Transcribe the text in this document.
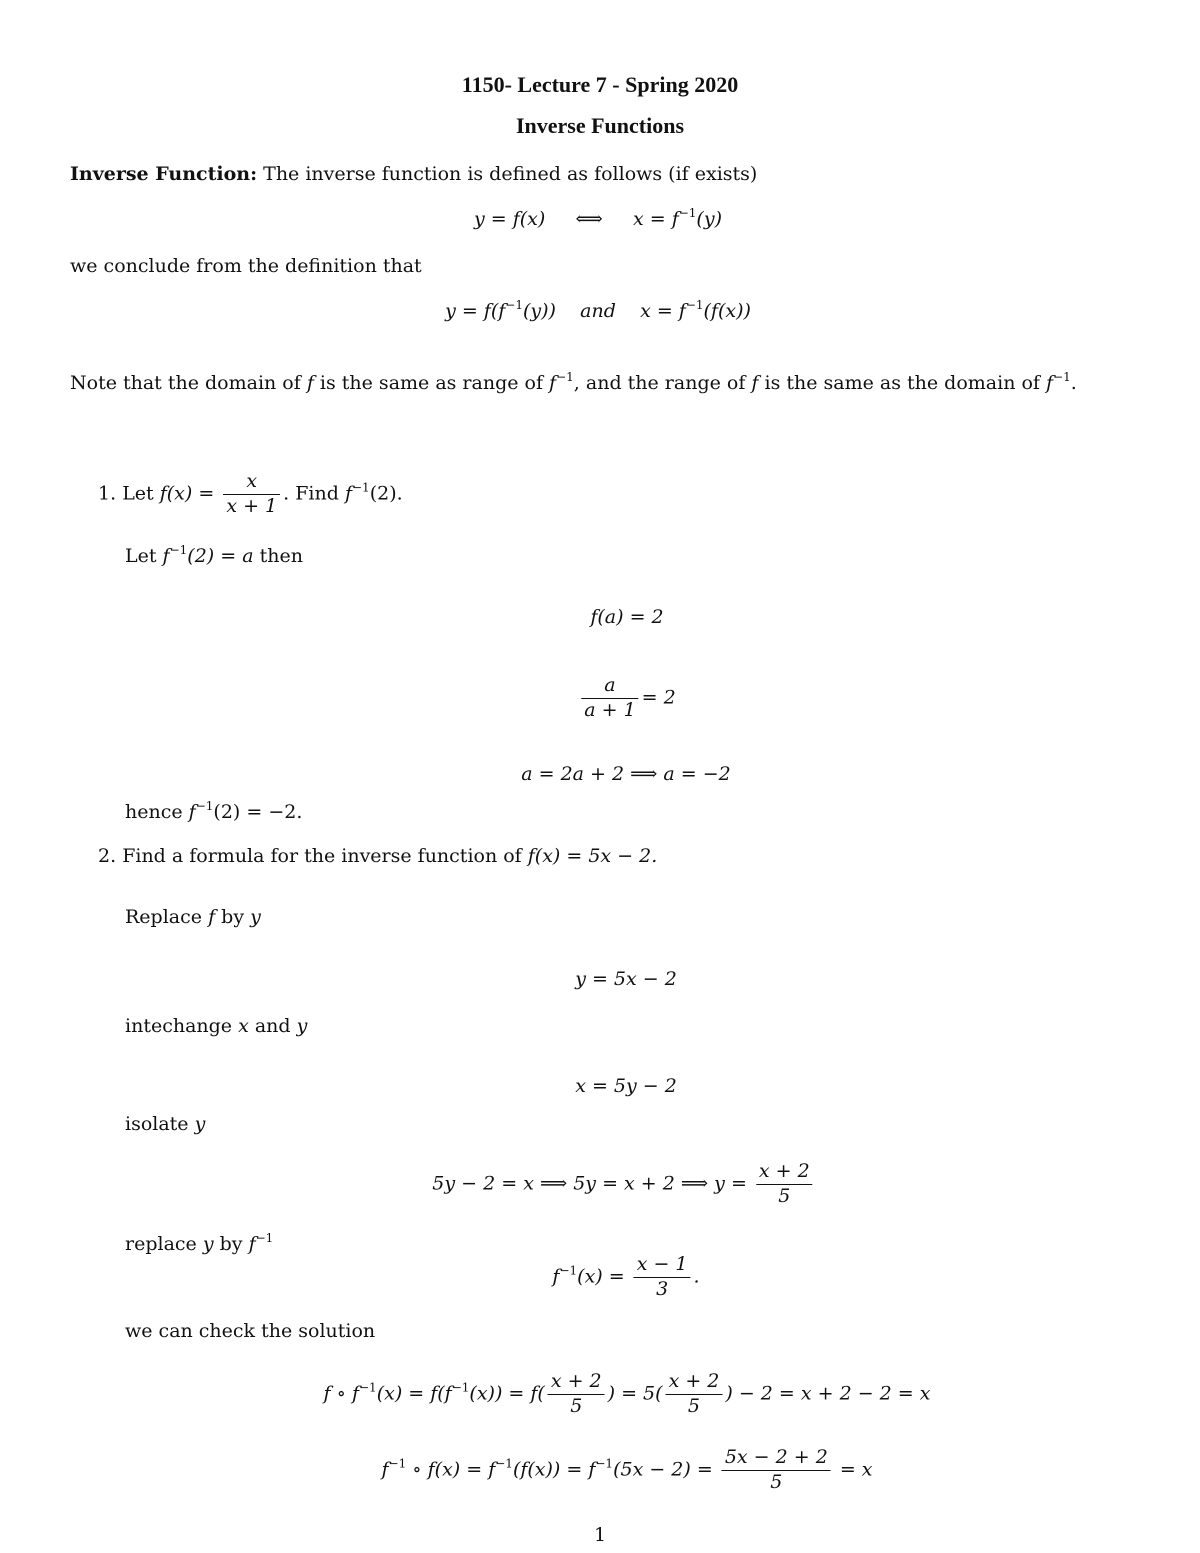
1150- Lecture 7 - Spring 2020
Inverse Functions
Inverse Function: The inverse function is defined as follows (if exists)
y = f(x) ⟺ $x = f^{-1}(y)$
we conclude from the definition that
$y = f(f^{-1}(y))$ and $x = f^{-1}(f(x))$
Note that the domain of f is the same as range of $f^{-1}$, and the range of f is the same as the domain of $f^{-1}$.
1. Let $f(x) = \frac{x}{x + 1}$ . Find $f^{-1}(2)$.
Let $f^{-1}(2) = a$ then
f(a) = 2
$\frac{a}{a + 1} = 2$
a = 2a + 2 ⟹ a = −2
hence $f^{-1}(2) = -2$.
2. Find a formula for the inverse function of f(x) = 5x − 2.
Replace f by y
y = 5x − 2
intechange x and y
x = 5y − 2
isolate y
5y − 2 = x ⟹ 5y = x + 2 ⟹ $y = \frac{x + 2}{5}$
replace y by $f^{-1}$
$f^{-1}(x) = \frac{x - 1}{3}$ .
we can check the solution
f ∘ $f^{-1}(x) = f(f^{-1}(x)) = f( \frac{x + 2}{5}$ ) = $5( \frac{x + 2}{5}$ ) − 2 = x + 2 − 2 = x
$f^{-1}$ ∘ $f(x) = f^{-1}(f(x)) = f^{-1}(5x - 2) = \frac{5x - 2 + 2}{5} = x$
1
